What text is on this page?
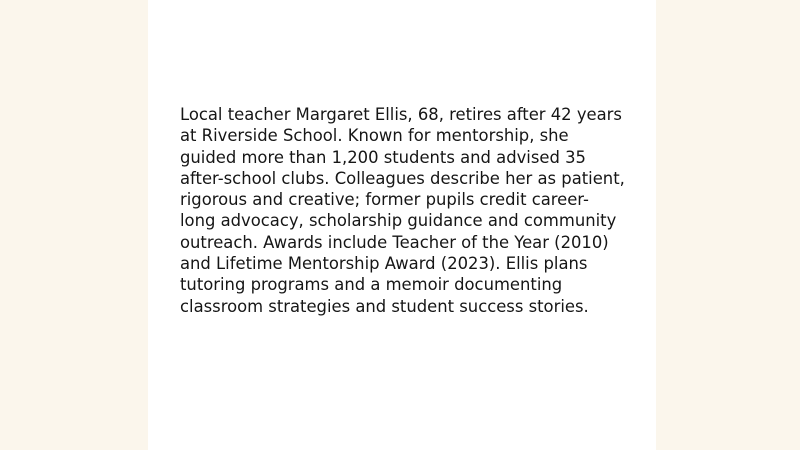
Local teacher Margaret Ellis, 68, retires after 42 years
at Riverside School. Known for mentorship, she
guided more than 1,200 students and advised 35
after-school clubs. Colleagues describe her as patient,
rigorous and creative; former pupils credit career-
long advocacy, scholarship guidance and community
outreach. Awards include Teacher of the Year (2010)
and Lifetime Mentorship Award (2023). Ellis plans
tutoring programs and a memoir documenting
classroom strategies and student success stories.
